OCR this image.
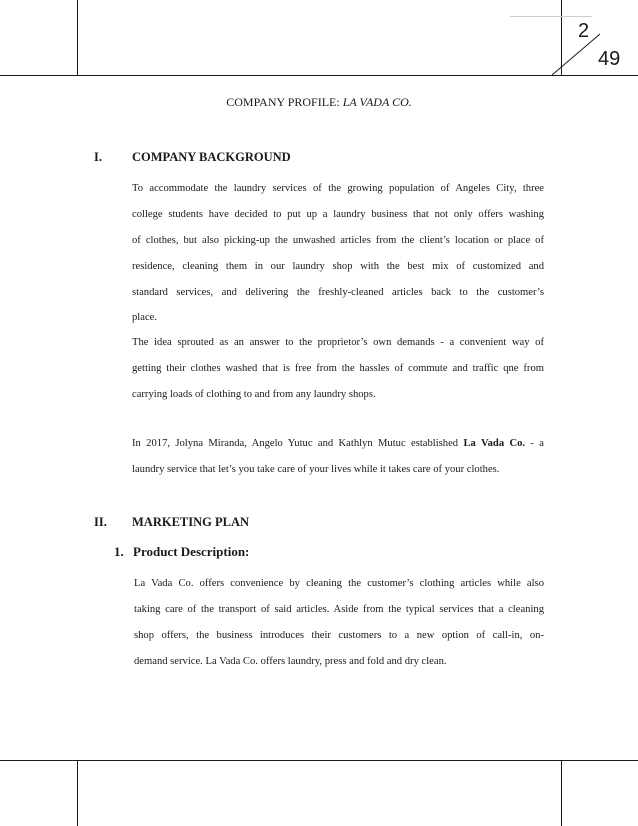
2
49
COMPANY PROFILE: LA VADA CO.
I. COMPANY BACKGROUND
To accommodate the laundry services of the growing population of Angeles City, three
college students have decided to put up a laundry business that not only offers washing
of clothes, but also picking-up the unwashed articles from the client’s location or place of
residence, cleaning them in our laundry shop with the best mix of customized and
standard services, and delivering the freshly-cleaned articles back to the customer’s
place.
The idea sprouted as an answer to the proprietor’s own demands - a convenient way of
getting their clothes washed that is free from the hassles of commute and traffic qne from
carrying loads of clothing to and from any laundry shops.
In 2017, Jolyna Miranda, Angelo Yutuc and Kathlyn Mutuc established La Vada Co. - a
laundry service that let’s you take care of your lives while it takes care of your clothes.
II. MARKETING PLAN
1. Product Description:
La Vada Co. offers convenience by cleaning the customer’s clothing articles while also
taking care of the transport of said articles. Aside from the typical services that a cleaning
shop offers, the business introduces their customers to a new option of call-in, on-
demand service. La Vada Co. offers laundry, press and fold and dry clean.
